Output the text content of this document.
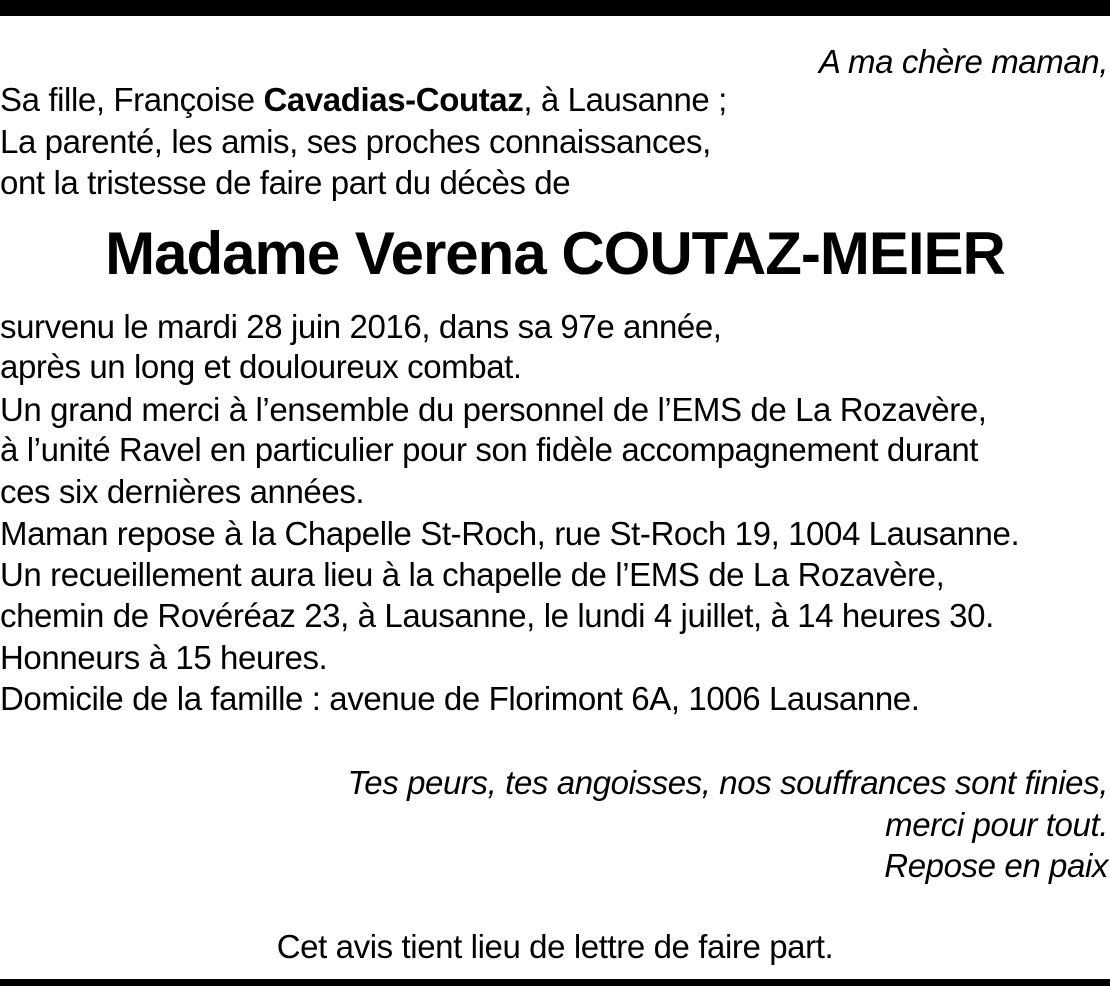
A ma chère maman,
Sa fille, Françoise Cavadias-Coutaz, à Lausanne ;
La parenté, les amis, ses proches connaissances,
ont la tristesse de faire part du décès de
Madame Verena COUTAZ-MEIER
survenu le mardi 28 juin 2016, dans sa 97e année,
après un long et douloureux combat.
Un grand merci à l’ensemble du personnel de l’EMS de La Rozavère,
à l’unité Ravel en particulier pour son fidèle accompagnement durant
ces six dernières années.
Maman repose à la Chapelle St-Roch, rue St-Roch 19, 1004 Lausanne.
Un recueillement aura lieu à la chapelle de l’EMS de La Rozavère,
chemin de Rovéréaz 23, à Lausanne, le lundi 4 juillet, à 14 heures 30.
Honneurs à 15 heures.
Domicile de la famille : avenue de Florimont 6A, 1006 Lausanne.
Tes peurs, tes angoisses, nos souffrances sont finies,
merci pour tout.
Repose en paix
Cet avis tient lieu de lettre de faire part.
